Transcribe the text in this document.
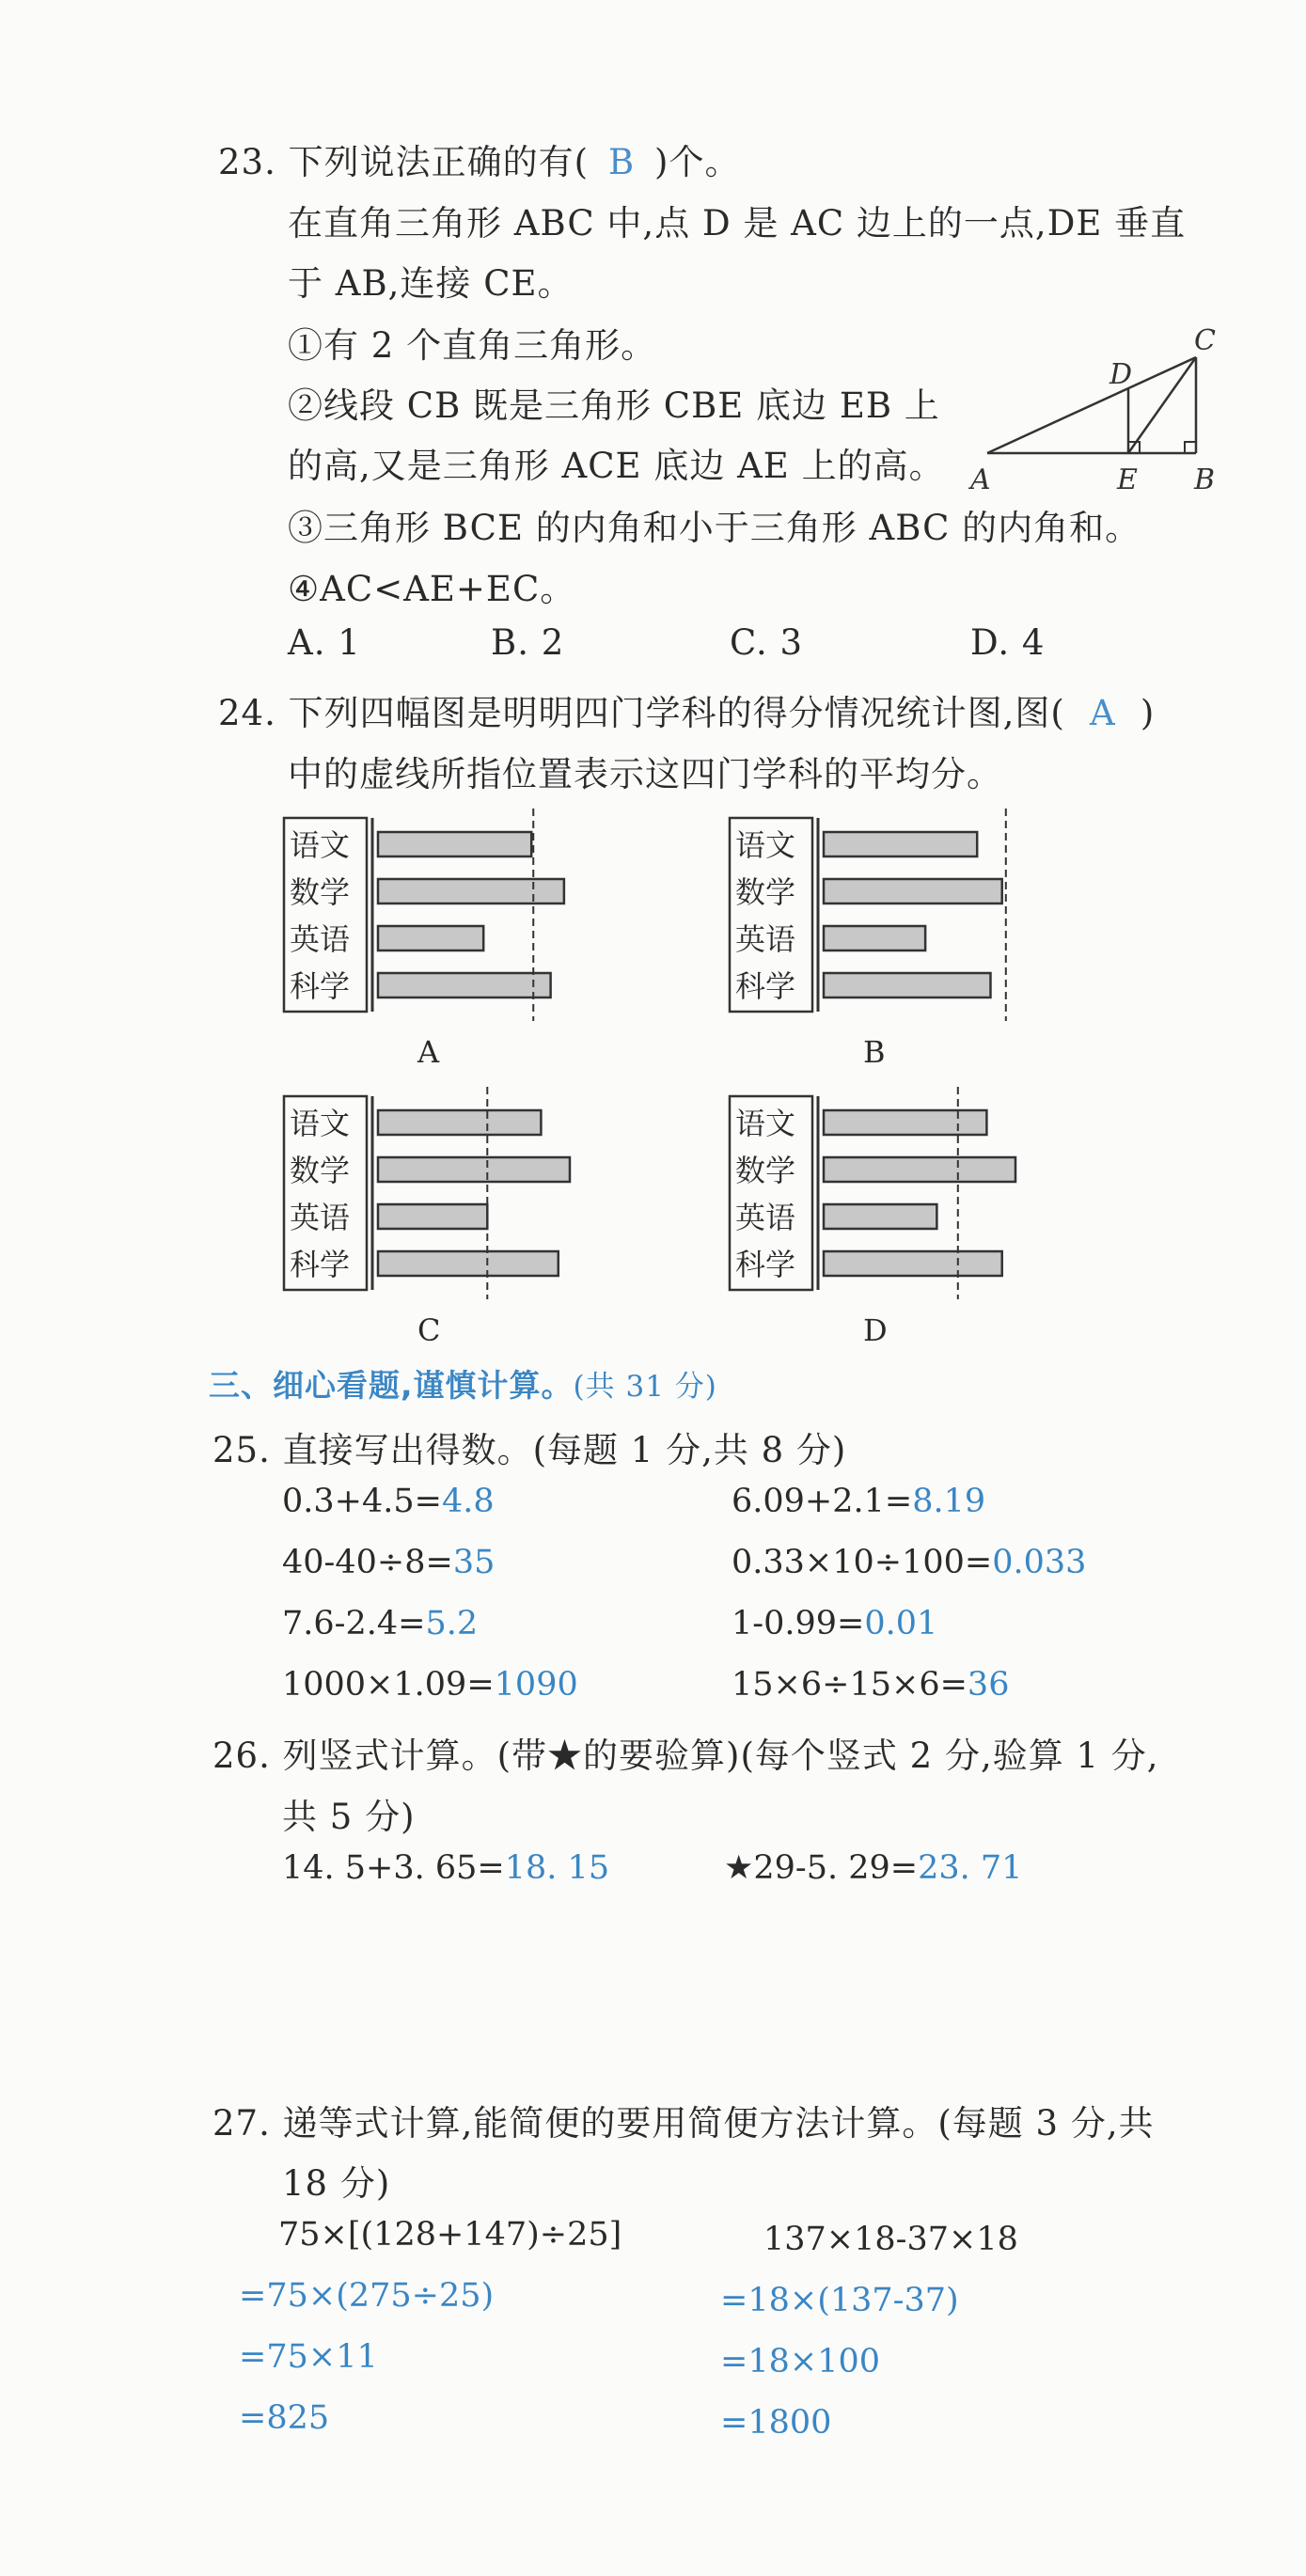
23. 下列说法正确的有( B )个。
在直角三角形 ABC 中,点 D 是 AC 边上的一点,DE 垂直
于 AB,连接 CE。
①有 2 个直角三角形。
②线段 CB 既是三角形 CBE 底边 EB 上
的高,又是三角形 ACE 底边 AE 上的高。
③三角形 BCE 的内角和小于三角形 ABC 的内角和。
④AC<AE+EC。
A. 1	B. 2	C. 3	D. 4
A	E B
C
D
24. 下列四幅图是明明四门学科的得分情况统计图,图( A )
中的虚线所指位置表示这四门学科的平均分。
语文
数学
英语
科学
A
语文
数学
英语
科学
B
语文
数学
英语
科学
C
语文
数学
英语
科学
D
三、细心看题,谨慎计算。(共 31 分)
25. 直接写出得数。(每题 1 分,共 8 分)
0.3+4.5=4.8	6.09+2.1=8.19
40-40÷8=35	0.33×10÷100=0.033
7.6-2.4=5.2	1-0.99=0.01
1000×1.09=1090	15×6÷15×6=36
26. 列竖式计算。(带★的要验算)(每个竖式 2 分,验算 1 分,
共 5 分)
14. 5+3. 65=18. 15	★29-5. 29=23. 71
27. 递等式计算,能简便的要用简便方法计算。(每题 3 分,共
18 分)
75×[(128+147)÷25]
=75×(275÷25)
=75×11
=825
137×18-37×18
=18×(137-37)
=18×100
=1800
